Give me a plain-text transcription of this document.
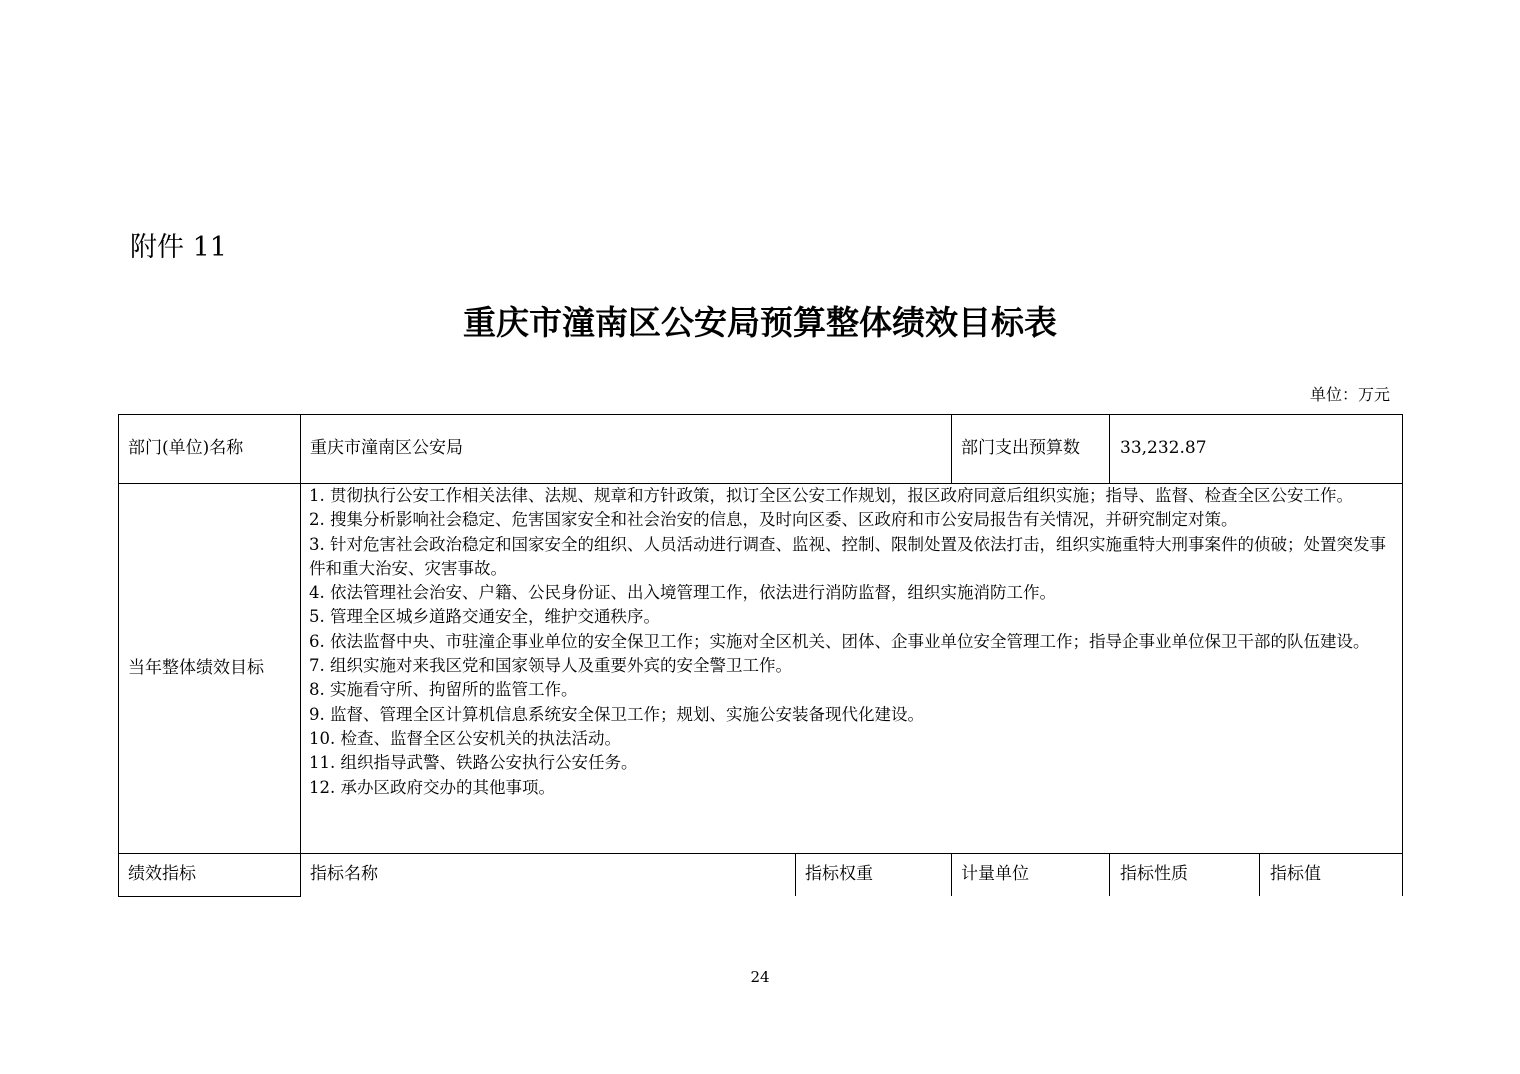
附件 11
重庆市潼南区公安局预算整体绩效目标表
单位：万元
部门(单位)名称	重庆市潼南区公安局	部门支出预算数 33,232.87
当年整体绩效目标
1. 贯彻执行公安工作相关法律、法规、规章和方针政策，拟订全区公安工作规划，报区政府同意后组织实施；指导、监督、检查全区公安工作。
2. 搜集分析影响社会稳定、危害国家安全和社会治安的信息，及时向区委、区政府和市公安局报告有关情况，并研究制定对策。
3. 针对危害社会政治稳定和国家安全的组织、人员活动进行调查、监视、控制、限制处置及依法打击，组织实施重特大刑事案件的侦破；处置突发事件和重大治安、灾害事故。
4. 依法管理社会治安、户籍、公民身份证、出入境管理工作，依法进行消防监督，组织实施消防工作。
5. 管理全区城乡道路交通安全，维护交通秩序。
6. 依法监督中央、市驻潼企事业单位的安全保卫工作；实施对全区机关、团体、企事业单位安全管理工作；指导企事业单位保卫干部的队伍建设。
7. 组织实施对来我区党和国家领导人及重要外宾的安全警卫工作。
8. 实施看守所、拘留所的监管工作。
9. 监督、管理全区计算机信息系统安全保卫工作；规划、实施公安装备现代化建设。
10. 检查、监督全区公安机关的执法活动。
11. 组织指导武警、铁路公安执行公安任务。
12. 承办区政府交办的其他事项。
绩效指标	指标名称	指标权重	计量单位	指标性质	指标值
24
